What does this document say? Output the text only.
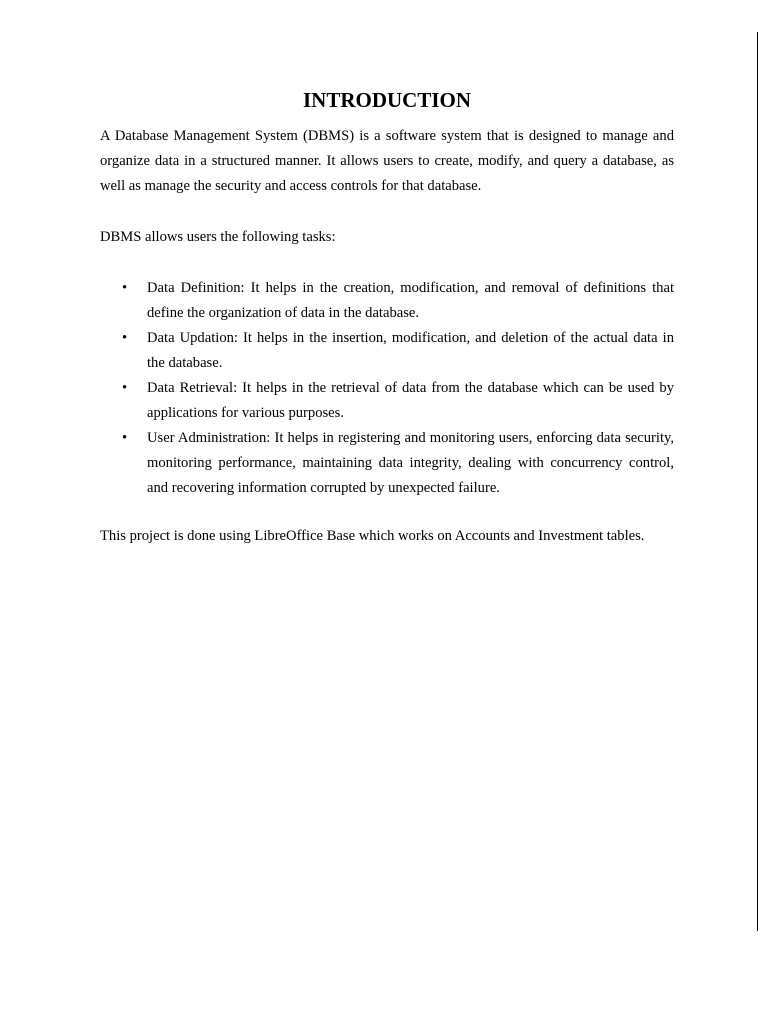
INTRODUCTION

A Database Management System (DBMS) is a software system that is designed to manage and organize data in a structured manner. It allows users to create, modify, and query a database, as well as manage the security and access controls for that database.

DBMS allows users the following tasks:

• Data Definition: It helps in the creation, modification, and removal of definitions that define the organization of data in the database.
• Data Updation: It helps in the insertion, modification, and deletion of the actual data in the database.
• Data Retrieval: It helps in the retrieval of data from the database which can be used by applications for various purposes.
• User Administration: It helps in registering and monitoring users, enforcing data security, monitoring performance, maintaining data integrity, dealing with concurrency control, and recovering information corrupted by unexpected failure.

This project is done using LibreOffice Base which works on Accounts and Investment tables.
